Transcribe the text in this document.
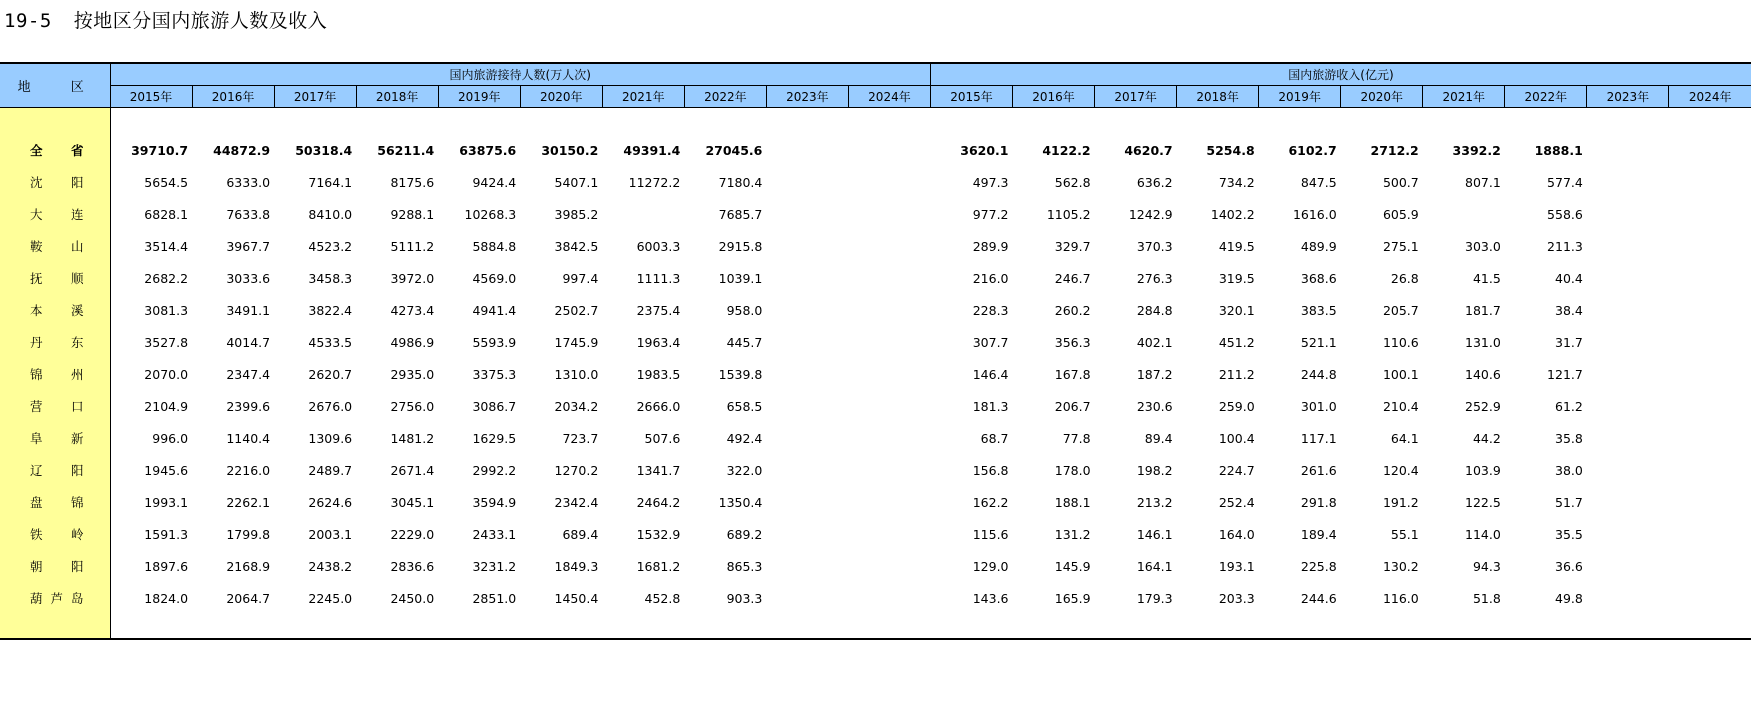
19-5 按地区分国内旅游人数及收入
地 区	国内旅游接待人数(万人次)										国内旅游收入(亿元)									
	2015年	2016年	2017年	2018年	2019年	2020年	2021年	2022年	2023年	2024年	2015年	2016年	2017年	2018年	2019年	2020年	2021年	2022年	2023年	2024年

全 省	39710.7	44872.9	50318.4	56211.4	63875.6	30150.2	49391.4	27045.6			3620.1	4122.2	4620.7	5254.8	6102.7	2712.2	3392.2	1888.1		

沈 阳	5654.5	6333.0	7164.1	8175.6	9424.4	5407.1	11272.2	7180.4			497.3	562.8	636.2	734.2	847.5	500.7	807.1	577.4		

大 连	6828.1	7633.8	8410.0	9288.1	10268.3	3985.2		7685.7			977.2	1105.2	1242.9	1402.2	1616.0	605.9		558.6		

鞍 山	3514.4	3967.7	4523.2	5111.2	5884.8	3842.5	6003.3	2915.8			289.9	329.7	370.3	419.5	489.9	275.1	303.0	211.3		

抚 顺	2682.2	3033.6	3458.3	3972.0	4569.0	997.4	1111.3	1039.1			216.0	246.7	276.3	319.5	368.6	26.8	41.5	40.4		

本 溪	3081.3	3491.1	3822.4	4273.4	4941.4	2502.7	2375.4	958.0			228.3	260.2	284.8	320.1	383.5	205.7	181.7	38.4		

丹 东	3527.8	4014.7	4533.5	4986.9	5593.9	1745.9	1963.4	445.7			307.7	356.3	402.1	451.2	521.1	110.6	131.0	31.7		

锦 州	2070.0	2347.4	2620.7	2935.0	3375.3	1310.0	1983.5	1539.8			146.4	167.8	187.2	211.2	244.8	100.1	140.6	121.7		

营 口	2104.9	2399.6	2676.0	2756.0	3086.7	2034.2	2666.0	658.5			181.3	206.7	230.6	259.0	301.0	210.4	252.9	61.2		

阜 新	996.0	1140.4	1309.6	1481.2	1629.5	723.7	507.6	492.4			68.7	77.8	89.4	100.4	117.1	64.1	44.2	35.8		

辽 阳	1945.6	2216.0	2489.7	2671.4	2992.2	1270.2	1341.7	322.0			156.8	178.0	198.2	224.7	261.6	120.4	103.9	38.0		

盘 锦	1993.1	2262.1	2624.6	3045.1	3594.9	2342.4	2464.2	1350.4			162.2	188.1	213.2	252.4	291.8	191.2	122.5	51.7		

铁 岭	1591.3	1799.8	2003.1	2229.0	2433.1	689.4	1532.9	689.2			115.6	131.2	146.1	164.0	189.4	55.1	114.0	35.5		

朝 阳	1897.6	2168.9	2438.2	2836.6	3231.2	1849.3	1681.2	865.3			129.0	145.9	164.1	193.1	225.8	130.2	94.3	36.6		

葫 芦 岛	1824.0	2064.7	2245.0	2450.0	2851.0	1450.4	452.8	903.3			143.6	165.9	179.3	203.3	244.6	116.0	51.8	49.8		
